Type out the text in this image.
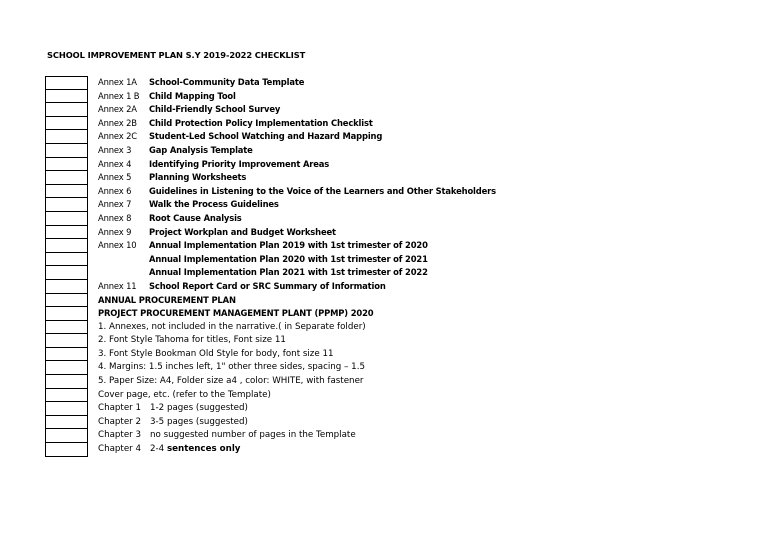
SCHOOL IMPROVEMENT PLAN S.Y 2019-2022 CHECKLIST
Annex 1A School-Community Data Template
Annex 1 B Child Mapping Tool
Annex 2A Child-Friendly School Survey
Annex 2B Child Protection Policy Implementation Checklist
Annex 2C Student-Led School Watching and Hazard Mapping
Annex 3 Gap Analysis Template
Annex 4 Identifying Priority Improvement Areas
Annex 5 Planning Worksheets
Annex 6 Guidelines in Listening to the Voice of the Learners and Other Stakeholders
Annex 7 Walk the Process Guidelines
Annex 8 Root Cause Analysis
Annex 9 Project Workplan and Budget Worksheet
Annex 10 Annual Implementation Plan 2019 with 1st trimester of 2020
Annual Implementation Plan 2020 with 1st trimester of 2021
Annual Implementation Plan 2021 with 1st trimester of 2022
Annex 11 School Report Card or SRC Summary of Information
ANNUAL PROCUREMENT PLAN
PROJECT PROCUREMENT MANAGEMENT PLANT (PPMP) 2020
1. Annexes, not included in the narrative.( in Separate folder)
2. Font Style Tahoma for titles, Font size 11
3. Font Style Bookman Old Style for body, font size 11
4. Margins: 1.5 inches left, 1" other three sides, spacing – 1.5
5. Paper Size: A4, Folder size a4 , color: WHITE, with fastener
Cover page, etc. (refer to the Template)
Chapter 1 1-2 pages (suggested)
Chapter 2 3-5 pages (suggested)
Chapter 3 no suggested number of pages in the Template
Chapter 4 2-4 sentences only
